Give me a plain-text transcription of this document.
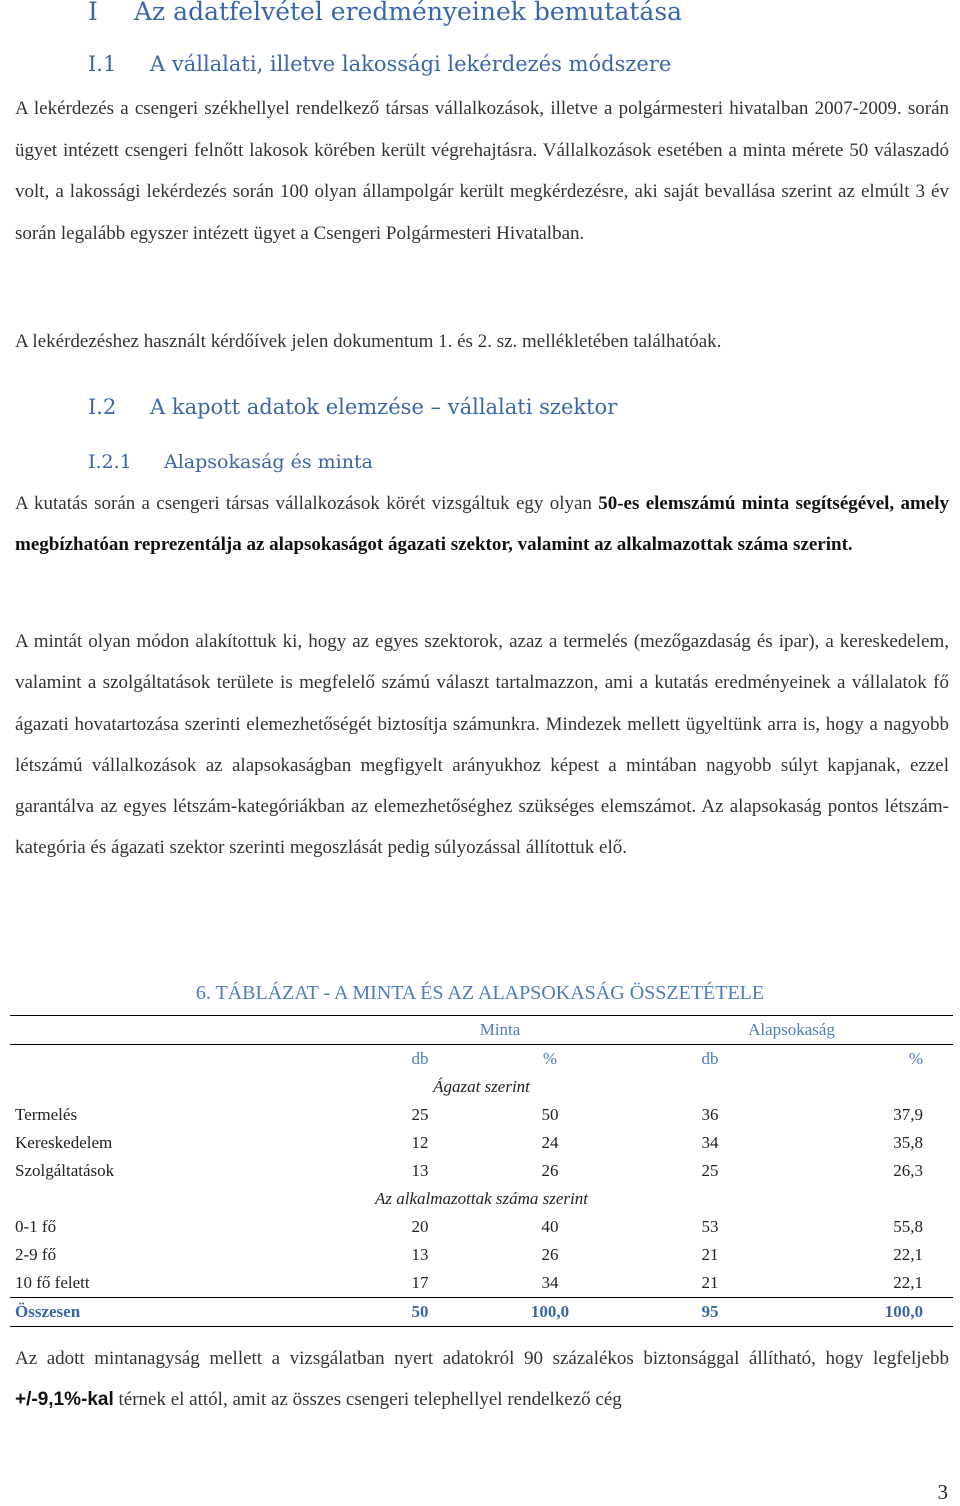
I Az adatfelvétel eredményeinek bemutatása
I.1 A vállalati, illetve lakossági lekérdezés módszere
A lekérdezés a csengeri székhellyel rendelkező társas vállalkozások, illetve a polgármesteri hivatalban 2007-2009. során ügyet intézett csengeri felnőtt lakosok körében került végrehajtásra. Vállalkozások esetében a minta mérete 50 válaszadó volt, a lakossági lekérdezés során 100 olyan állampolgár került megkérdezésre, aki saját bevallása szerint az elmúlt 3 év során legalább egyszer intézett ügyet a Csengeri Polgármesteri Hivatalban.
A lekérdezéshez használt kérdőívek jelen dokumentum 1. és 2. sz. mellékletében találhatóak.
I.2 A kapott adatok elemzése – vállalati szektor
I.2.1 Alapsokaság és minta
A kutatás során a csengeri társas vállalkozások körét vizsgáltuk egy olyan 50-es elemszámú minta segítségével, amely megbízhatóan reprezentálja az alapsokaságot ágazati szektor, valamint az alkalmazottak száma szerint.
A mintát olyan módon alakítottuk ki, hogy az egyes szektorok, azaz a termelés (mezőgazdaság és ipar), a kereskedelem, valamint a szolgáltatások területe is megfelelő számú választ tartalmazzon, ami a kutatás eredményeinek a vállalatok fő ágazati hovatartozása szerinti elemezhetőségét biztosítja számunkra. Mindezek mellett ügyeltünk arra is, hogy a nagyobb létszámú vállalkozások az alapsokaságban megfigyelt arányukhoz képest a mintában nagyobb súlyt kapjanak, ezzel garantálva az egyes létszám-kategóriákban az elemezhetőséghez szükséges elemszámot. Az alapsokaság pontos létszám-kategória és ágazati szektor szerinti megoszlását pedig súlyozással állítottuk elő.
6. TÁBLÁZAT - A MINTA ÉS AZ ALAPSOKASÁG ÖSSZETÉTELE
	Minta		Alapsokaság	
	db	%	db	%
Ágazat szerint				
Termelés	25	50	36	37,9
Kereskedelem	12	24	34	35,8
Szolgáltatások	13	26	25	26,3
Az alkalmazottak száma szerint				
0-1 fő	20	40	53	55,8
2-9 fő	13	26	21	22,1
10 fő felett	17	34	21	22,1
Összesen	50	100,0	95	100,0
Az adott mintanagyság mellett a vizsgálatban nyert adatokról 90 százalékos biztonsággal állítható, hogy legfeljebb +/-9,1%-kal térnek el attól, amit az összes csengeri telephellyel rendelkező cég
3
